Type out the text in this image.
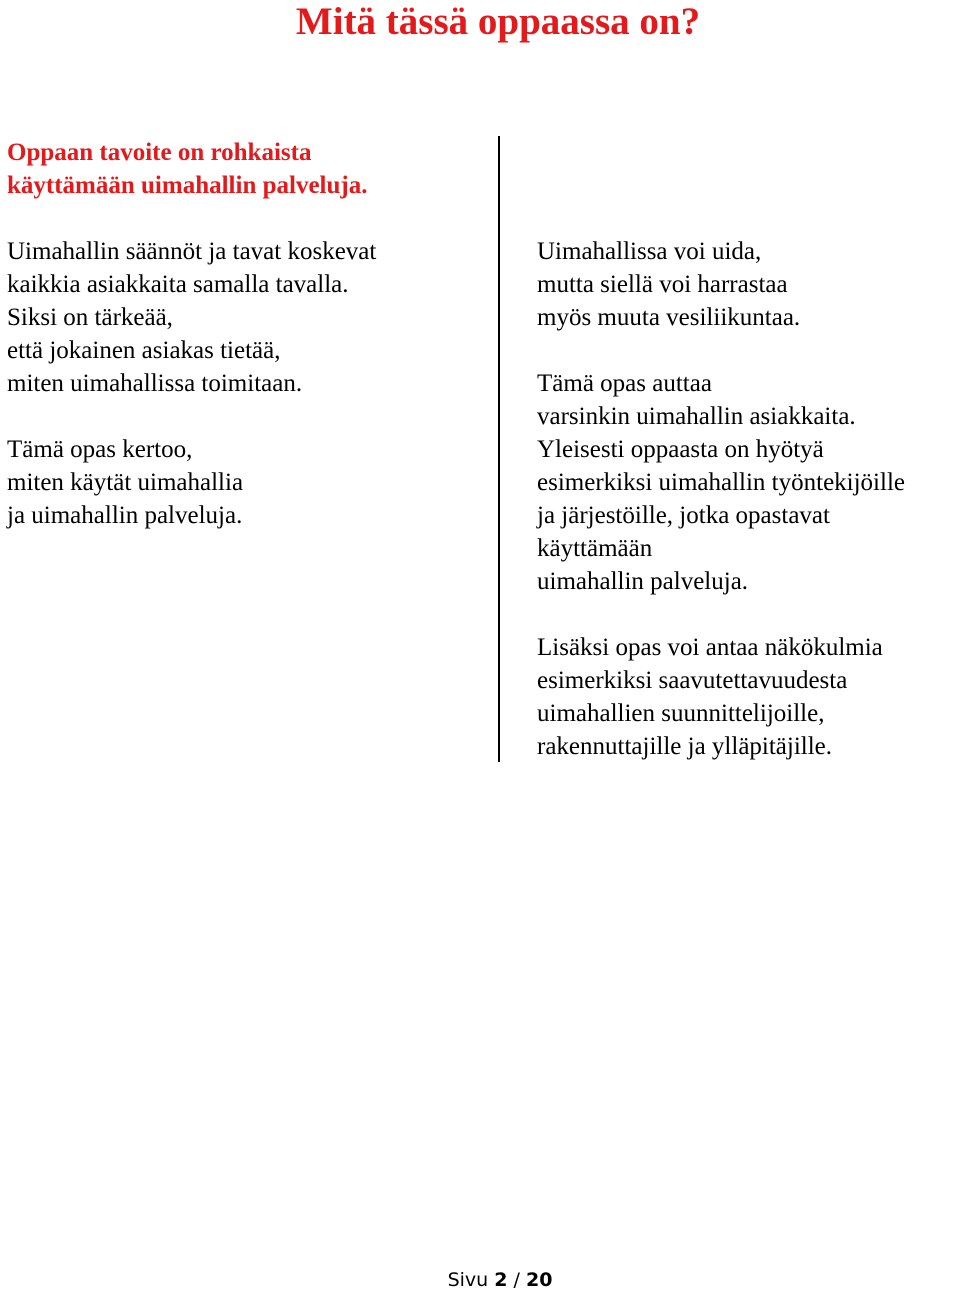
Mitä tässä oppaassa on?
Oppaan tavoite on rohkaista
käyttämään uimahallin palveluja.
Uimahallin säännöt ja tavat koskevat
kaikkia asiakkaita samalla tavalla.
Siksi on tärkeää,
että jokainen asiakas tietää,
miten uimahallissa toimitaan.
Tämä opas kertoo,
miten käytät uimahallia
ja uimahallin palveluja.
Uimahallissa voi uida,
mutta siellä voi harrastaa
myös muuta vesiliikuntaa.
Tämä opas auttaa
varsinkin uimahallin asiakkaita.
Yleisesti oppaasta on hyötyä
esimerkiksi uimahallin työntekijöille
ja järjestöille, jotka opastavat
käyttämään
uimahallin palveluja.
Lisäksi opas voi antaa näkökulmia
esimerkiksi saavutettavuudesta
uimahallien suunnittelijoille,
rakennuttajille ja ylläpitäjille.
Sivu 2 / 20
